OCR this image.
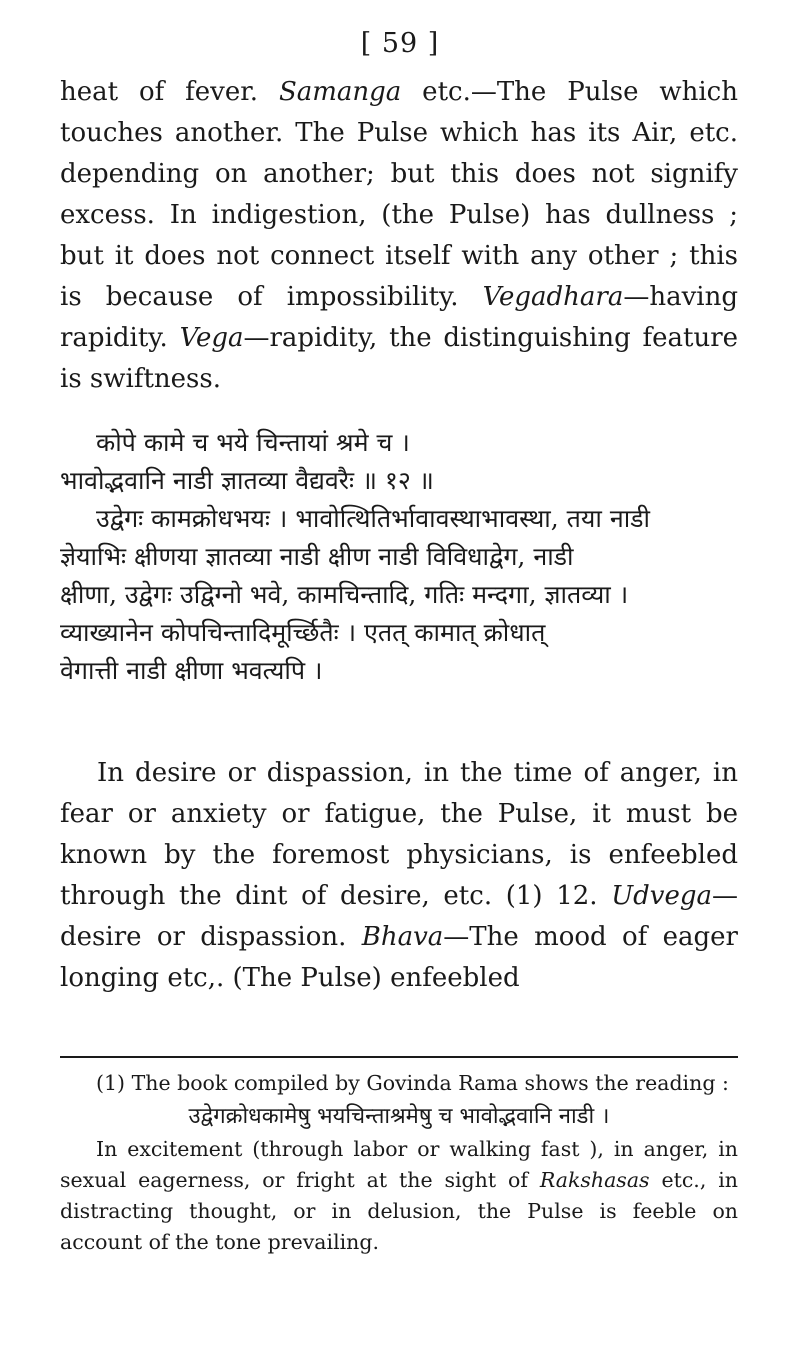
[ 59 ]

heat of fever. Samanga etc.—The Pulse which touches another. The Pulse which has its Air, etc. depending on another; but this does not signify excess. In indigestion, (the Pulse) has dullness ; but it does not connect itself with any other ; this is because of impossibility. Vegadhara—having rapidity. Vega—rapidity, the distinguishing feature is swiftness.

कोपे कामे च भये चिन्तायां श्रमे च ।
भावोद्भवानि नाडी ज्ञातव्या वैद्यवरैः ॥ १२ ॥
उद्वेगः कामक्रोधभयः । भावोत्थितिर्भावावस्थाभावस्था, तया नाडी
ज्ञेयाभिः क्षीणया ज्ञातव्या नाडी क्षीण नाडी विविधाद्वेग, नाडी
क्षीणा, उद्वेगः उद्विग्नो भवे, कामचिन्तादि, गतिः मन्दगा, ज्ञातव्या ।
व्याख्यानेन कोपचिन्तादिमूर्च्छितैः । एतत् कामात् क्रोधात्
वेगात्ती नाडी क्षीणा भवत्यपि ।

In desire or dispassion, in the time of anger, in fear or anxiety or fatigue, the Pulse, it must be known by the foremost physicians, is enfeebled through the dint of desire, etc. (1) 12. Udvega—desire or dispassion. Bhava—The mood of eager longing etc,. (The Pulse) enfeebled

(1) The book compiled by Govinda Rama shows the reading :
उद्वेगक्रोधकामेषु भयचिन्ताश्रमेषु च भावोद्भवानि नाडी ।
In excitement (through labor or walking fast ), in anger, in sexual eagerness, or fright at the sight of Rakshasas etc., in distracting thought, or in delusion, the Pulse is feeble on account of the tone prevailing.
